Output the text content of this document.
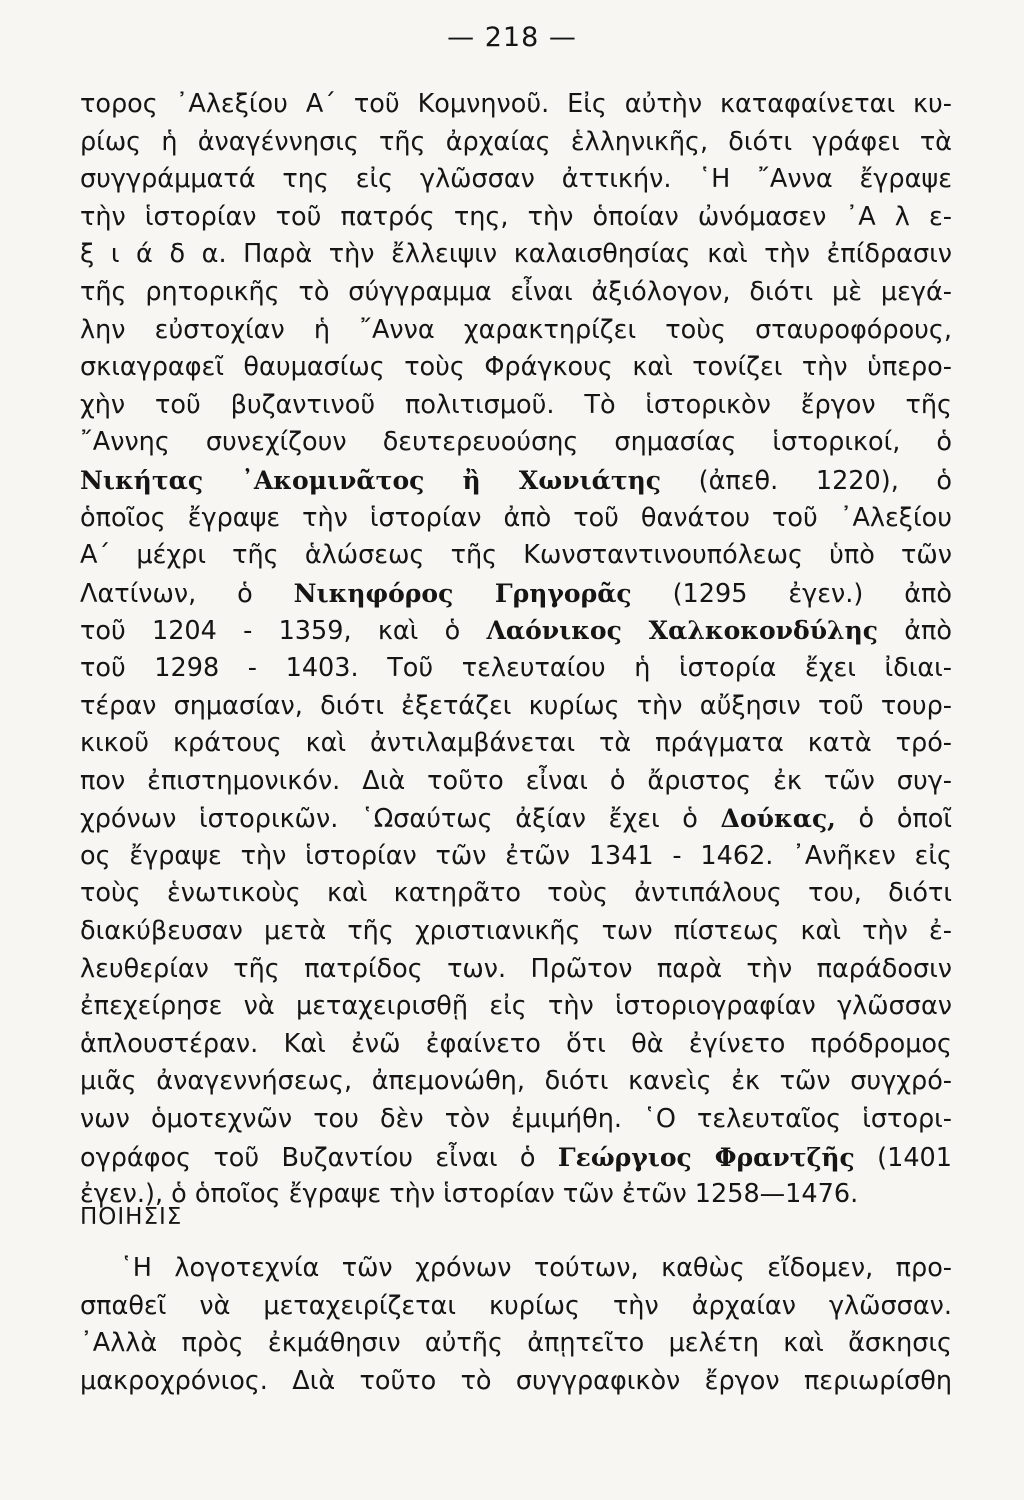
— 218 —
τορος ᾿Αλεξίου Α΄ τοῦ Κομνηνοῦ. Εἰς αὐτὴν καταφαίνεται κυ-
ρίως ἡ ἀναγέννησις τῆς ἀρχαίας ἑλληνικῆς, διότι γράφει τὰ
συγγράμματά της εἰς γλῶσσαν ἀττικήν. ῾Η ῎Αννα ἔγραψε
τὴν ἱστορίαν τοῦ πατρός της, τὴν ὁποίαν ὠνόμασεν ᾿Α λ ε-
ξ ι ά δ α. Παρὰ τὴν ἔλλειψιν καλαισθησίας καὶ τὴν ἐπίδρασιν
τῆς ρητορικῆς τὸ σύγγραμμα εἶναι ἀξιόλογον, διότι μὲ μεγά-
λην εὐστοχίαν ἡ ῎Αννα χαρακτηρίζει τοὺς σταυροφόρους,
σκιαγραφεῖ θαυμασίως τοὺς Φράγκους καὶ τονίζει τὴν ὑπερο-
χὴν τοῦ βυζαντινοῦ πολιτισμοῦ. Τὸ ἱστορικὸν ἔργον τῆς
῎Αννης συνεχίζουν δευτερευούσης σημασίας ἱστορικοί, ὁ
Νικήτας ᾿Ακομινᾶτος ἢ Χωνιάτης (ἀπεθ. 1220), ὁ
ὁποῖος ἔγραψε τὴν ἱστορίαν ἀπὸ τοῦ θανάτου τοῦ ᾿Αλεξίου
Α΄ μέχρι τῆς ἁλώσεως τῆς Κωνσταντινουπόλεως ὑπὸ τῶν
Λατίνων, ὁ Νικηφόρος Γρηγορᾶς (1295 ἐγεν.) ἀπὸ
τοῦ 1204 - 1359, καὶ ὁ Λαόνικος Χαλκοκονδύλης ἀπὸ
τοῦ 1298 - 1403. Τοῦ τελευταίου ἡ ἱστορία ἔχει ἰδιαι-
τέραν σημασίαν, διότι ἐξετάζει κυρίως τὴν αὔξησιν τοῦ τουρ-
κικοῦ κράτους καὶ ἀντιλαμβάνεται τὰ πράγματα κατὰ τρό-
πον ἐπιστημονικόν. Διὰ τοῦτο εἶναι ὁ ἄριστος ἐκ τῶν συγ-
χρόνων ἱστορικῶν. ῾Ωσαύτως ἀξίαν ἔχει ὁ Δούκας, ὁ ὁποῖ
ος ἔγραψε τὴν ἱστορίαν τῶν ἐτῶν 1341 - 1462. ᾿Ανῆκεν εἰς
τοὺς ἑνωτικοὺς καὶ κατηρᾶτο τοὺς ἀντιπάλους του, διότι
διακύβευσαν μετὰ τῆς χριστιανικῆς των πίστεως καὶ τὴν ἐ-
λευθερίαν τῆς πατρίδος των. Πρῶτον παρὰ τὴν παράδοσιν
ἐπεχείρησε νὰ μεταχειρισθῇ εἰς τὴν ἱστοριογραφίαν γλῶσσαν
ἁπλουστέραν. Καὶ ἐνῶ ἐφαίνετο ὅτι θὰ ἐγίνετο πρόδρομος
μιᾶς ἀναγεννήσεως, ἀπεμονώθη, διότι κανεὶς ἐκ τῶν συγχρό-
νων ὁμοτεχνῶν του δὲν τὸν ἐμιμήθη. ῾Ο τελευταῖος ἱστορι-
ογράφος τοῦ Βυζαντίου εἶναι ὁ Γεώργιος Φραντζῆς (1401
ἐγεν.), ὁ ὁποῖος ἔγραψε τὴν ἱστορίαν τῶν ἐτῶν 1258—1476.
ΠΟΙΗΣΙΣ
῾Η λογοτεχνία τῶν χρόνων τούτων, καθὼς εἴδομεν, προ-
σπαθεῖ νὰ μεταχειρίζεται κυρίως τὴν ἀρχαίαν γλῶσσαν.
᾿Αλλὰ πρὸς ἐκμάθησιν αὐτῆς ἀπῃτεῖτο μελέτη καὶ ἄσκησις
μακροχρόνιος. Διὰ τοῦτο τὸ συγγραφικὸν ἔργον περιωρίσθη
